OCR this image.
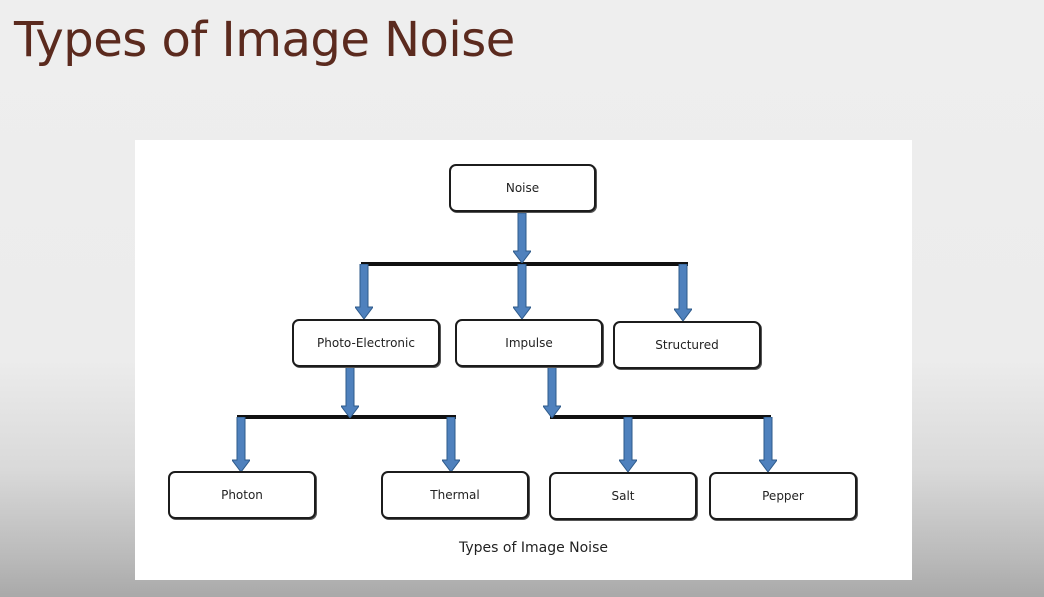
Types of Image Noise
Noise
Photo-Electronic	Impulse	Structured
Photon	Thermal	Salt	Pepper
Types of Image Noise
